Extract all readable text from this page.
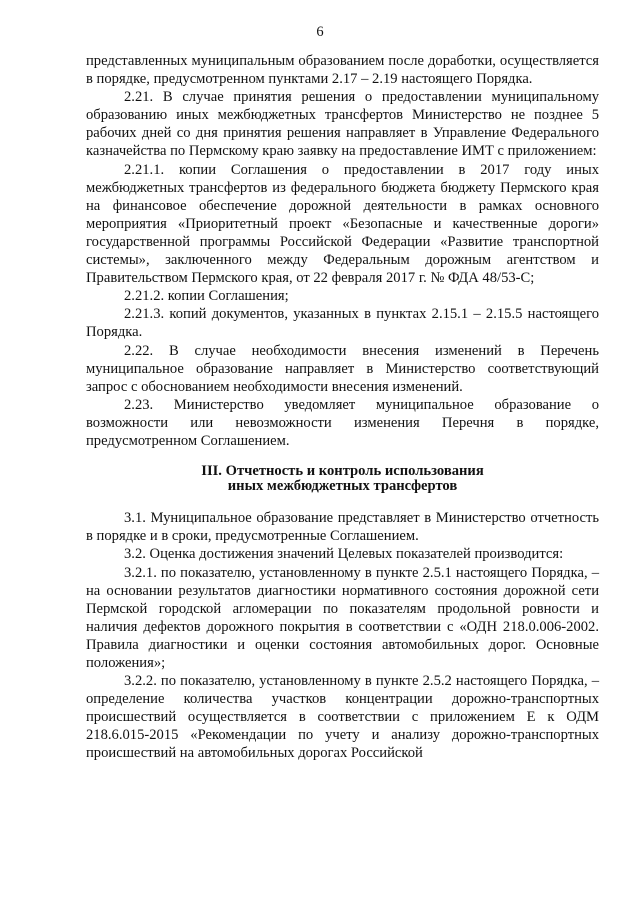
6

представленных муниципальным образованием после доработки, осуществляется в порядке, предусмотренном пунктами 2.17 – 2.19 настоящего Порядка.

2.21. В случае принятия решения о предоставлении муниципальному образованию иных межбюджетных трансфертов Министерство не позднее 5 рабочих дней со дня принятия решения направляет в Управление Федерального казначейства по Пермскому краю заявку на предоставление ИМТ с приложением:

2.21.1. копии Соглашения о предоставлении в 2017 году иных межбюджетных трансфертов из федерального бюджета бюджету Пермского края на финансовое обеспечение дорожной деятельности в рамках основного мероприятия «Приоритетный проект «Безопасные и качественные дороги» государственной программы Российской Федерации «Развитие транспортной системы», заключенного между Федеральным дорожным агентством и Правительством Пермского края, от 22 февраля 2017 г. № ФДА 48/53-С;

2.21.2. копии Соглашения;

2.21.3. копий документов, указанных в пунктах 2.15.1 – 2.15.5 настоящего Порядка.

2.22. В случае необходимости внесения изменений в Перечень муниципальное образование направляет в Министерство соответствующий запрос с обоснованием необходимости внесения изменений.

2.23. Министерство уведомляет муниципальное образование о возможности или невозможности изменения Перечня в порядке, предусмотренном Соглашением.

III. Отчетность и контроль использования
иных межбюджетных трансфертов

3.1. Муниципальное образование представляет в Министерство отчетность в порядке и в сроки, предусмотренные Соглашением.

3.2. Оценка достижения значений Целевых показателей производится:

3.2.1. по показателю, установленному в пункте 2.5.1 настоящего Порядка, – на основании результатов диагностики нормативного состояния дорожной сети Пермской городской агломерации по показателям продольной ровности и наличия дефектов дорожного покрытия в соответствии с «ОДН 218.0.006-2002. Правила диагностики и оценки состояния автомобильных дорог. Основные положения»;

3.2.2. по показателю, установленному в пункте 2.5.2 настоящего Порядка, – определение количества участков концентрации дорожно-транспортных происшествий осуществляется в соответствии с приложением Е к ОДМ 218.6.015-2015 «Рекомендации по учету и анализу дорожно-транспортных происшествий на автомобильных дорогах Российской
